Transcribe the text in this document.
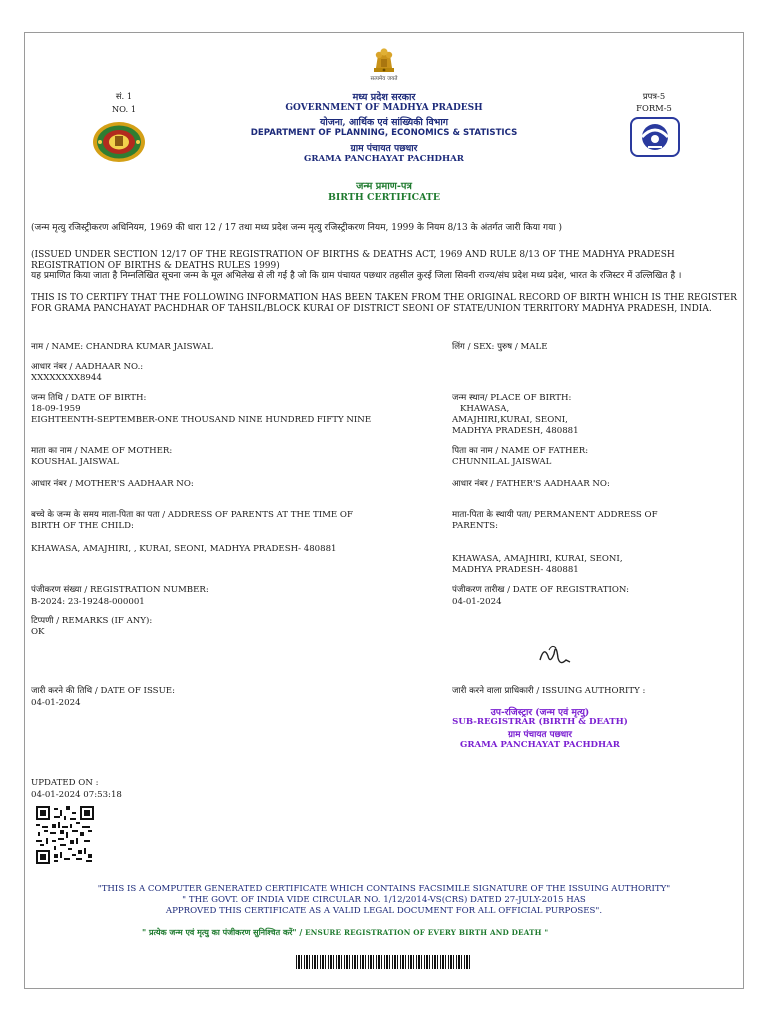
सत्यमेव जयते
सं. 1
NO. 1
मध्य प्रदेश सरकार
GOVERNMENT OF MADHYA PRADESH
योजना, आर्थिक एवं सांख्यिकी विभाग
DEPARTMENT OF PLANNING, ECONOMICS & STATISTICS
ग्राम पंचायत पछधार
GRAMA PANCHAYAT PACHDHAR
प्रपत्र-5
FORM-5
जन्म प्रमाण-पत्र
BIRTH CERTIFICATE
(जन्म मृत्यु रजिस्ट्रीकरण अधिनियम, 1969 की धारा 12 / 17 तथा मध्य प्रदेश जन्म मृत्यु रजिस्ट्रीकरण नियम, 1999 के नियम 8/13 के अंतर्गत जारी किया गया )
(ISSUED UNDER SECTION 12/17 OF THE REGISTRATION OF BIRTHS & DEATHS ACT, 1969 AND RULE 8/13 OF THE MADHYA PRADESH REGISTRATION OF BIRTHS & DEATHS RULES 1999)
यह प्रमाणित किया जाता है निम्नलिखित सूचना जन्म के मूल अभिलेख से ली गई है जो कि ग्राम पंचायत पछधार तहसील कुरई जिला सिवनी राज्य/संघ प्रदेश मध्य प्रदेश, भारत के रजिस्टर में उल्लिखित है ।
THIS IS TO CERTIFY THAT THE FOLLOWING INFORMATION HAS BEEN TAKEN FROM THE ORIGINAL RECORD OF BIRTH WHICH IS THE REGISTER FOR GRAMA PANCHAYAT PACHDHAR OF TAHSIL/BLOCK KURAI OF DISTRICT SEONI OF STATE/UNION TERRITORY MADHYA PRADESH, INDIA.
नाम / NAME: CHANDRA KUMAR JAISWAL
आधार नंबर / AADHAAR NO.:
XXXXXXXX8944
जन्म तिथि / DATE OF BIRTH:
18-09-1959
EIGHTEENTH-SEPTEMBER-ONE THOUSAND NINE HUNDRED FIFTY NINE
माता का नाम / NAME OF MOTHER:
KOUSHAL JAISWAL
आधार नंबर / MOTHER'S AADHAAR NO:
बच्चे के जन्म के समय माता-पिता का पता / ADDRESS OF PARENTS AT THE TIME OF
BIRTH OF THE CHILD:
KHAWASA, AMAJHIRI, , KURAI, SEONI, MADHYA PRADESH- 480881
पंजीकरण संख्या / REGISTRATION NUMBER:
B-2024: 23-19248-000001
टिप्पणी / REMARKS (IF ANY):
OK
जारी करने की तिथि / DATE OF ISSUE:
04-01-2024
UPDATED ON :
04-01-2024 07:53:18
लिंग / SEX: पुरुष / MALE
जन्म स्थान/ PLACE OF BIRTH:
KHAWASA,
AMAJHIRI,KURAI, SEONI,
MADHYA PRADESH, 480881
पिता का नाम / NAME OF FATHER:
CHUNNILAL JAISWAL
आधार नंबर / FATHER'S AADHAAR NO:
माता-पिता के स्थायी पता/ PERMANENT ADDRESS OF
PARENTS:
KHAWASA, AMAJHIRI, KURAI, SEONI,
MADHYA PRADESH- 480881
पंजीकरण तारीख / DATE OF REGISTRATION:
04-01-2024
जारी करने वाला प्राधिकारी / ISSUING AUTHORITY :
उप-रजिस्ट्रार (जन्म एवं मृत्यु)
SUB-REGISTRAR (BIRTH & DEATH)
ग्राम पंचायत पछधार
GRAMA PANCHAYAT PACHDHAR
"THIS IS A COMPUTER GENERATED CERTIFICATE WHICH CONTAINS FACSIMILE SIGNATURE OF THE ISSUING AUTHORITY"
" THE GOVT. OF INDIA VIDE CIRCULAR NO. 1/12/2014-VS(CRS) DATED 27-JULY-2015 HAS
APPROVED THIS CERTIFICATE AS A VALID LEGAL DOCUMENT FOR ALL OFFICIAL PURPOSES".
" प्रत्येक जन्म एवं मृत्यु का पंजीकरण सुनिश्चित करें" / ENSURE REGISTRATION OF EVERY BIRTH AND DEATH "
